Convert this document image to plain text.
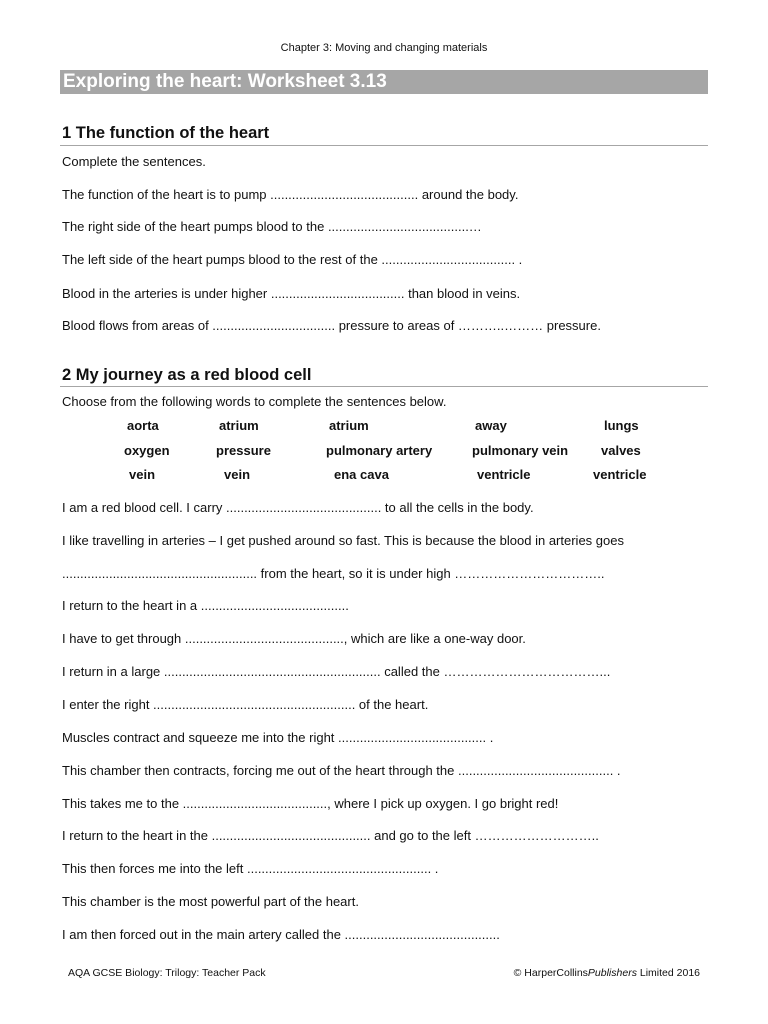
Chapter 3: Moving and changing materials
Exploring the heart: Worksheet 3.13
1 The function of the heart
Complete the sentences.
The function of the heart is to pump ......................................... around the body.
The right side of the heart pumps blood to the .......................................…
The left side of the heart pumps blood to the rest of the ..................................... .
Blood in the arteries is under higher ..................................... than blood in veins.
Blood flows from areas of .................................. pressure to areas of ………..……… pressure.
2 My journey as a red blood cell
Choose from the following words to complete the sentences below.
aorta	atrium	atrium	away	lungs
oxygen	pressure	pulmonary artery	pulmonary vein	valves
vein	vein	ena cava	ventricle	ventricle
I am a red blood cell. I carry ........................................... to all the cells in the body.
I like travelling in arteries – I get pushed around so fast. This is because the blood in arteries goes
...................................................... from the heart, so it is under high ……………………………..
I return to the heart in a .........................................
I have to get through ............................................, which are like a one-way door.
I return in a large ............................................................ called the ………………………………...
I enter the right ........................................................ of the heart.
Muscles contract and squeeze me into the right ......................................... .
This chamber then contracts, forcing me out of the heart through the ........................................... .
This takes me to the ........................................, where I pick up oxygen. I go bright red!
I return to the heart in the ............................................ and go to the left ………………………..
This then forces me into the left ................................................... .
This chamber is the most powerful part of the heart.
I am then forced out in the main artery called the ...........................................
AQA GCSE Biology: Trilogy: Teacher Pack	© HarperCollinsPublishers Limited 2016
